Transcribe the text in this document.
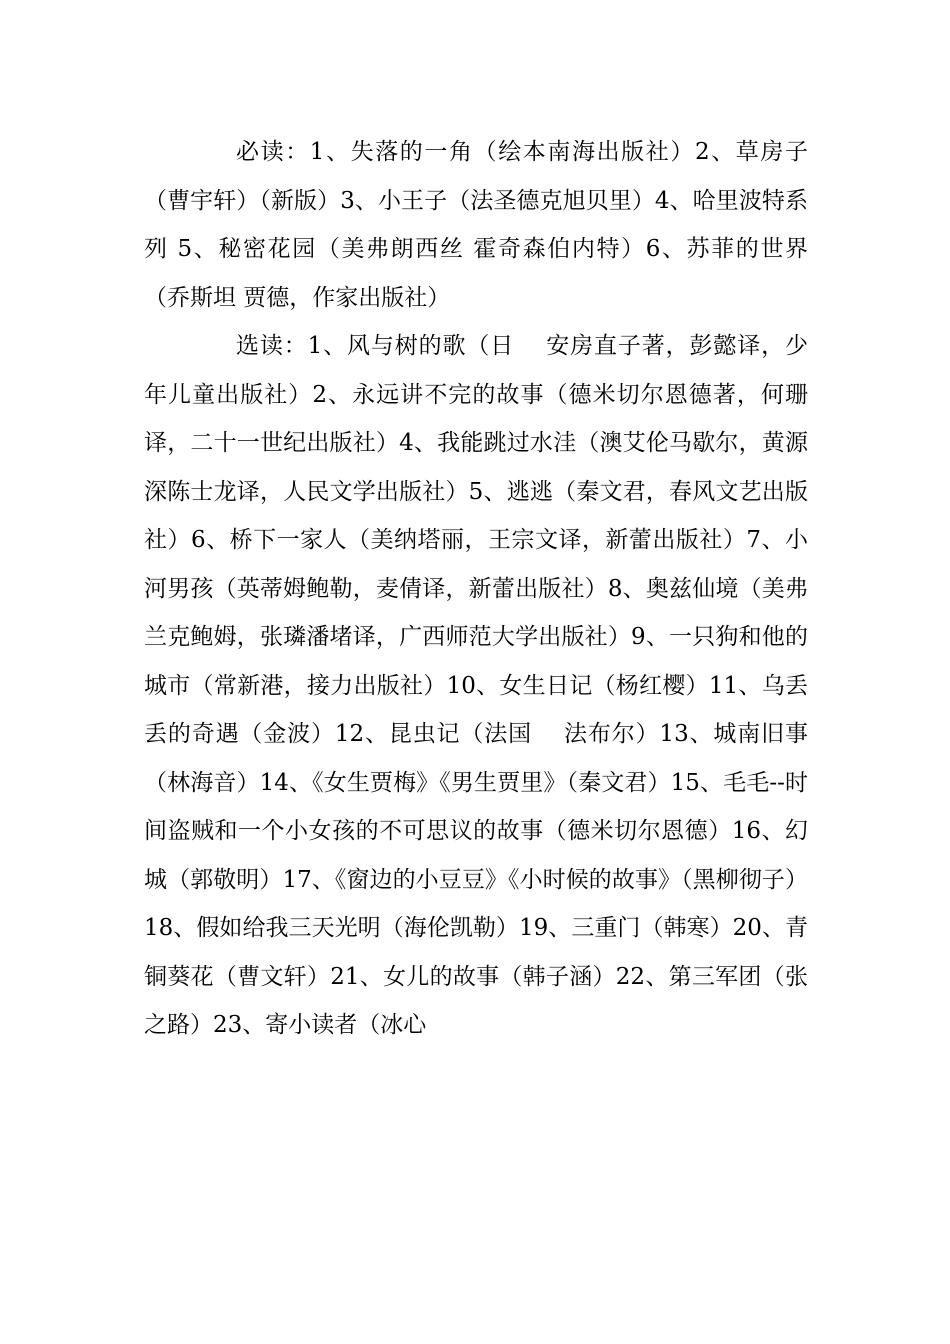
必读：1、失落的一角（绘本南海出版社）2、草房子（曹宇轩）（新版）3、小王子（法圣德克旭贝里）4、哈里波特系列 5、秘密花园（美弗朗西丝 霍奇森伯内特）6、苏菲的世界（乔斯坦 贾德，作家出版社）

选读：1、风与树的歌（日　 安房直子著，彭懿译，少年儿童出版社）2、永远讲不完的故事（德米切尔恩德著，何珊译，二十一世纪出版社）4、我能跳过水洼（澳艾伦马歇尔，黄源深陈士龙译，人民文学出版社）5、逃逃（秦文君，春风文艺出版社）6、桥下一家人（美纳塔丽，王宗文译，新蕾出版社）7、小河男孩（英蒂姆鲍勒，麦倩译，新蕾出版社）8、奥兹仙境（美弗兰克鲍姆，张璘潘堵译，广西师范大学出版社）9、一只狗和他的城市（常新港，接力出版社）10、女生日记（杨红樱）11、乌丢丢的奇遇（金波）12、昆虫记（法国　 法布尔）13、城南旧事（林海音）14、《女生贾梅》《男生贾里》（秦文君）15、毛毛--时间盗贼和一个小女孩的不可思议的故事（德米切尔恩德）16、幻城（郭敬明）17、《窗边的小豆豆》《小时候的故事》（黑柳彻子）18、假如给我三天光明（海伦凯勒）19、三重门（韩寒）20、青铜葵花（曹文轩）21、女儿的故事（韩子涵）22、第三军团（张之路）23、寄小读者（冰心
